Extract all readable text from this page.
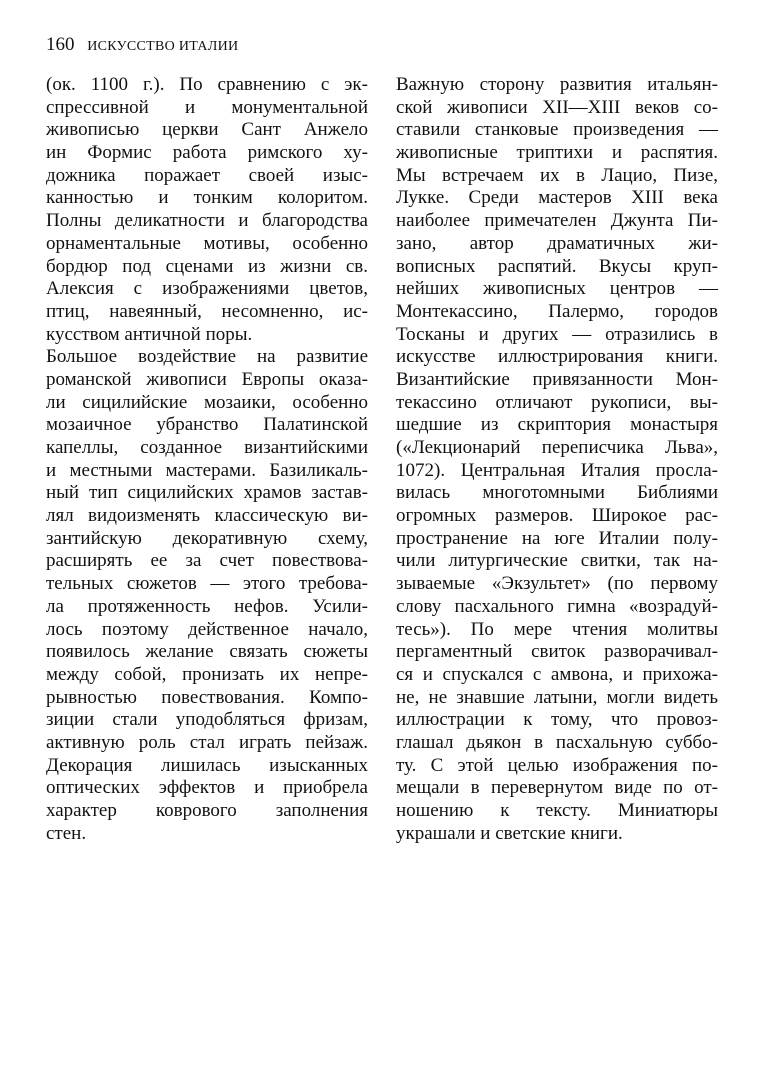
160 ИСКУССТВО ИТАЛИИ
(ок. 1100 г.). По сравнению с эк-
спрессивной и монументальной
живописью церкви Сант Анжело
ин Формис работа римского ху-
дожника поражает своей изыс-
канностью и тонким колоритом.
Полны деликатности и благородства
орнаментальные мотивы, особенно
бордюр под сценами из жизни св.
Алексия с изображениями цветов,
птиц, навеянный, несомненно, ис-
кусством античной поры.
Большое воздействие на развитие
романской живописи Европы оказа-
ли сицилийские мозаики, особенно
мозаичное убранство Палатинской
капеллы, созданное византийскими
и местными мастерами. Базиликаль-
ный тип сицилийских храмов застав-
лял видоизменять классическую ви-
зантийскую декоративную схему,
расширять ее за счет повествова-
тельных сюжетов — этого требова-
ла протяженность нефов. Усили-
лось поэтому действенное начало,
появилось желание связать сюжеты
между собой, пронизать их непре-
рывностью повествования. Компо-
зиции стали уподобляться фризам,
активную роль стал играть пейзаж.
Декорация лишилась изысканных
оптических эффектов и приобрела
характер коврового заполнения
стен.
Важную сторону развития итальян-
ской живописи XII—XIII веков со-
ставили станковые произведения —
живописные триптихи и распятия.
Мы встречаем их в Лацио, Пизе,
Лукке. Среди мастеров XIII века
наиболее примечателен Джунта Пи-
зано, автор драматичных жи-
вописных распятий. Вкусы круп-
нейших живописных центров —
Монтекассино, Палермо, городов
Тосканы и других — отразились в
искусстве иллюстрирования книги.
Византийские привязанности Мон-
текассино отличают рукописи, вы-
шедшие из скриптория монастыря
(«Лекционарий переписчика Льва»,
1072). Центральная Италия просла-
вилась многотомными Библиями
огромных размеров. Широкое рас-
пространение на юге Италии полу-
чили литургические свитки, так на-
зываемые «Экзультет» (по первому
слову пасхального гимна «возрадуй-
тесь»). По мере чтения молитвы
пергаментный свиток разворачивал-
ся и спускался с амвона, и прихожа-
не, не знавшие латыни, могли видеть
иллюстрации к тому, что провоз-
глашал дьякон в пасхальную суббо-
ту. С этой целью изображения по-
мещали в перевернутом виде по от-
ношению к тексту. Миниатюры
украшали и светские книги.
